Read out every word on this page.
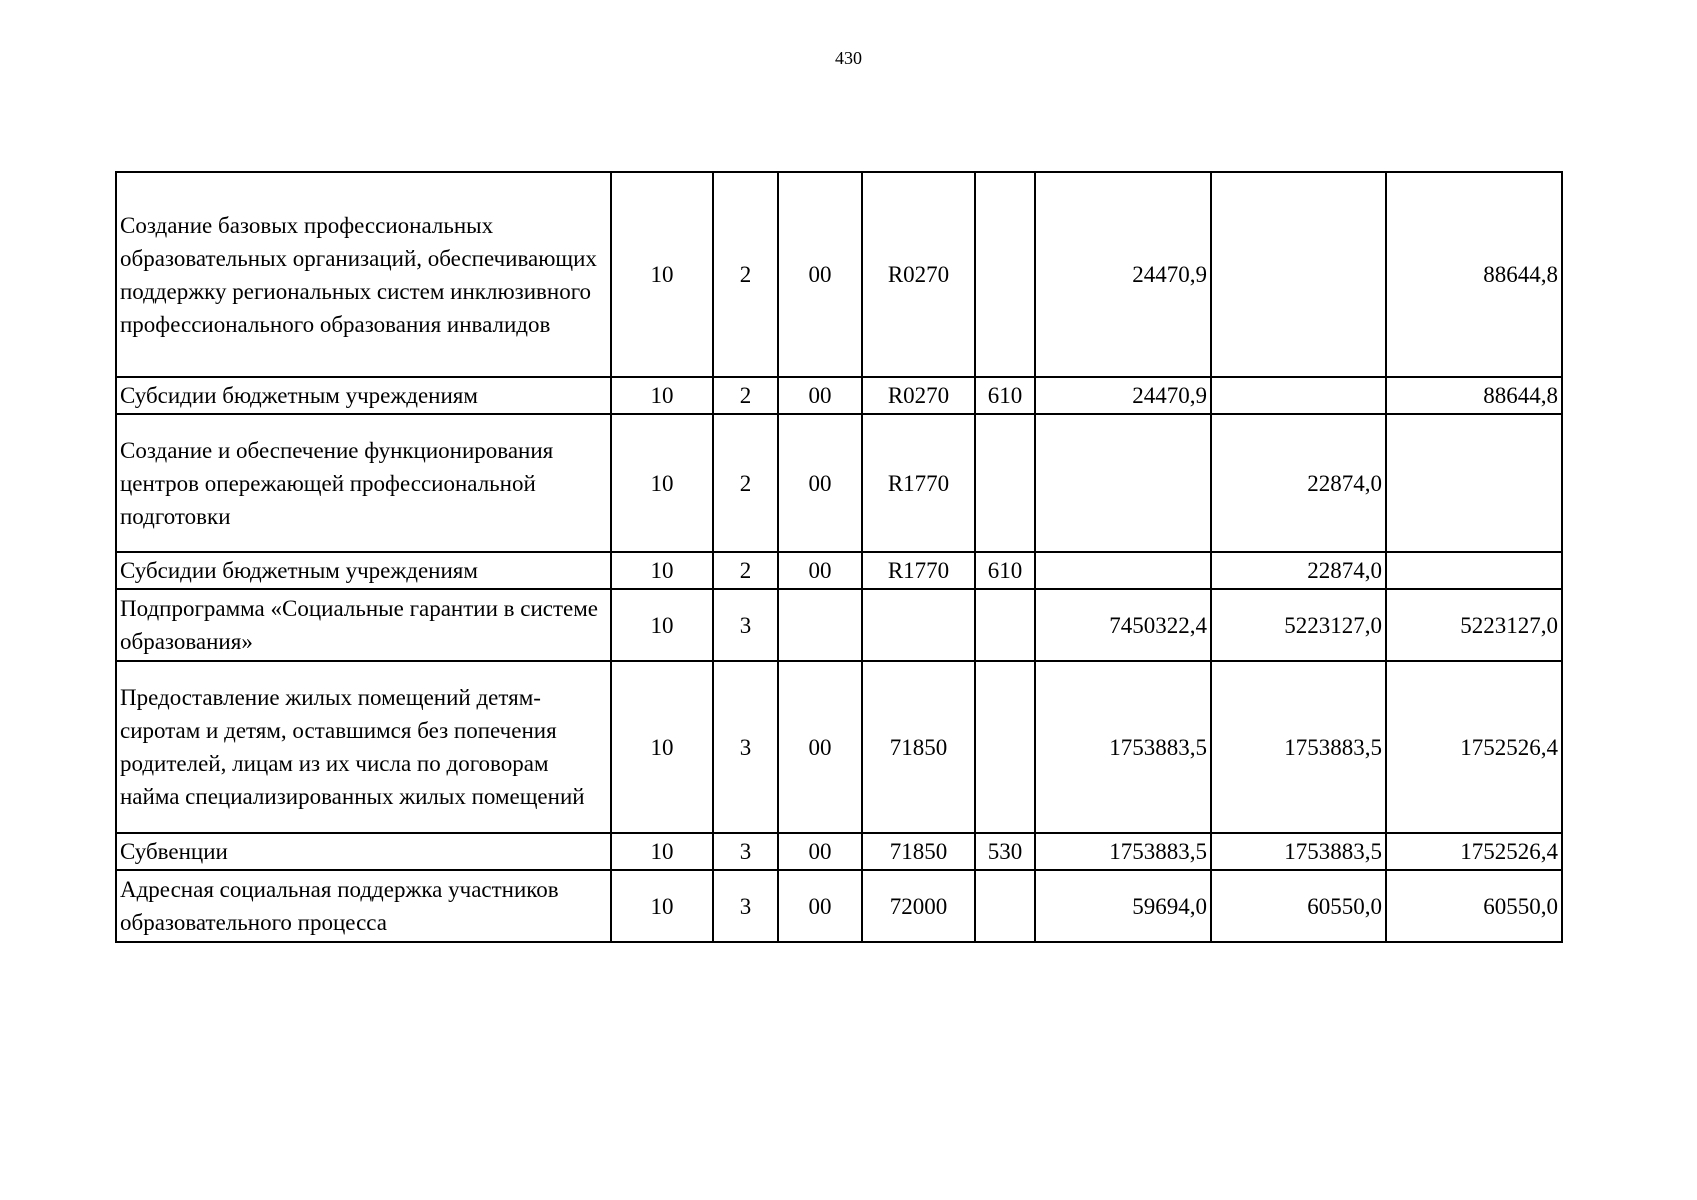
430
Создание базовых профессиональных образовательных организаций, обеспечивающих поддержку региональных систем инклюзивного профессионального образования инвалидов	10	2	00	R0270		24470,9		88644,8
Субсидии бюджетным учреждениям	10	2	00	R0270	610	24470,9		88644,8
Создание и обеспечение функционирования центров опережающей профессиональной подготовки	10	2	00	R1770			22874,0	
Субсидии бюджетным учреждениям	10	2	00	R1770	610		22874,0	
Подпрограмма «Социальные гарантии в системе образования»	10	3				7450322,4	5223127,0	5223127,0
Предоставление жилых помещений детям-сиротам и детям, оставшимся без попечения родителей, лицам из их числа по договорам найма специализированных жилых помещений	10	3	00	71850		1753883,5	1753883,5	1752526,4
Субвенции	10	3	00	71850	530	1753883,5	1753883,5	1752526,4
Адресная социальная поддержка участников образовательного процесса	10	3	00	72000		59694,0	60550,0	60550,0
